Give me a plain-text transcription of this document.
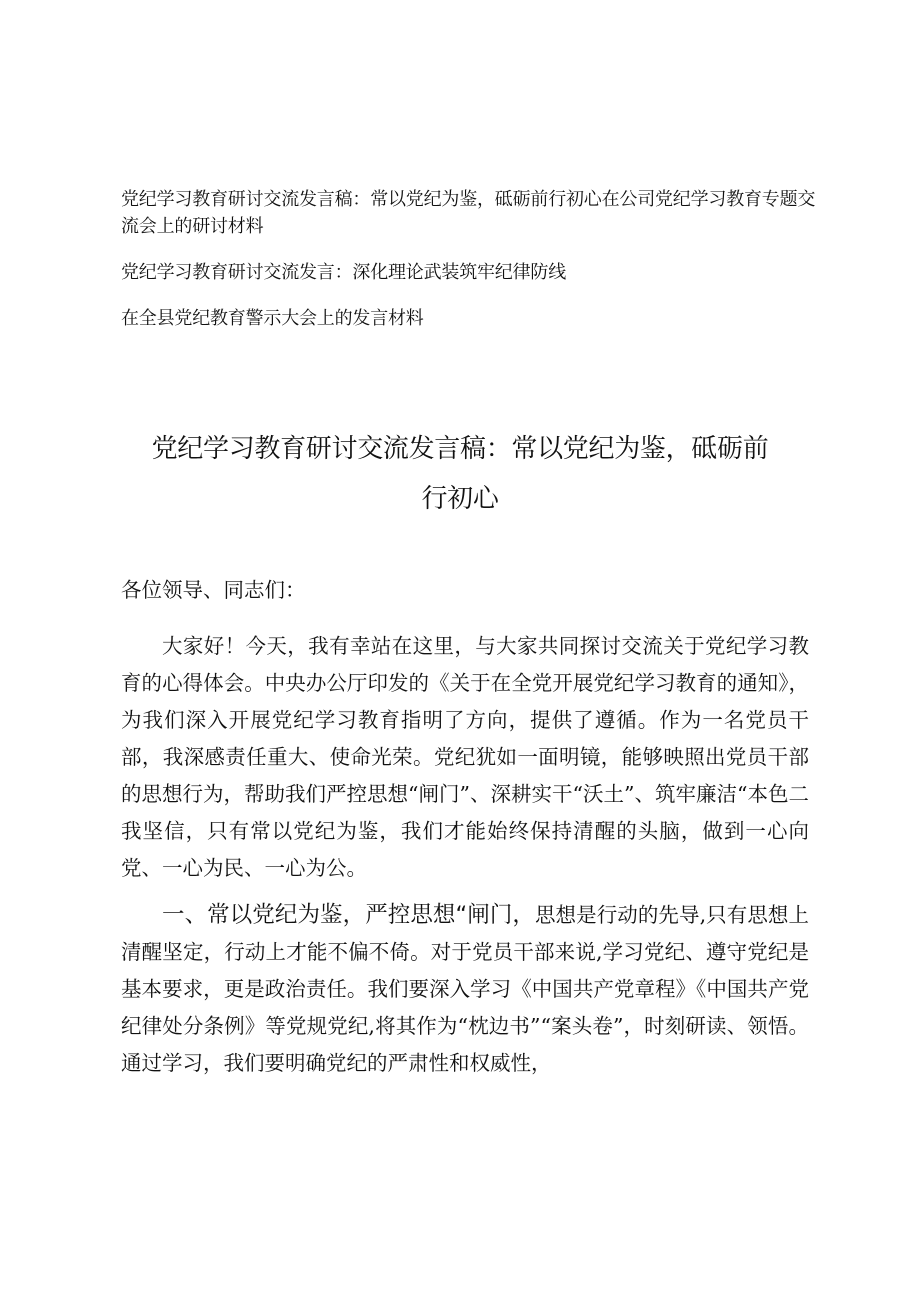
党纪学习教育研讨交流发言稿：常以党纪为鉴，砥砺前行初心在公司党纪学习教育专题交流会上的研讨材料
党纪学习教育研讨交流发言：深化理论武装筑牢纪律防线
在全县党纪教育警示大会上的发言材料
党纪学习教育研讨交流发言稿：常以党纪为鉴，砥砺前行初心

各位领导、同志们：

大家好！今天，我有幸站在这里，与大家共同探讨交流关于党纪学习教育的心得体会。中央办公厅印发的《关于在全党开展党纪学习教育的通知》，为我们深入开展党纪学习教育指明了方向，提供了遵循。作为一名党员干部，我深感责任重大、使命光荣。党纪犹如一面明镜，能够映照出党员干部的思想行为，帮助我们严控思想“闸门”、深耕实干“沃土”、筑牢廉洁“本色二我坚信，只有常以党纪为鉴，我们才能始终保持清醒的头脑，做到一心向党、一心为民、一心为公。

一、常以党纪为鉴，严控思想“闸门，思想是行动的先导,只有思想上清醒坚定，行动上才能不偏不倚。对于党员干部来说,学习党纪、遵守党纪是基本要求，更是政治责任。我们要深入学习《中国共产党章程》《中国共产党纪律处分条例》等党规党纪,将其作为“枕边书”“案头卷”，时刻研读、领悟。通过学习，我们要明确党纪的严肃性和权威性，
